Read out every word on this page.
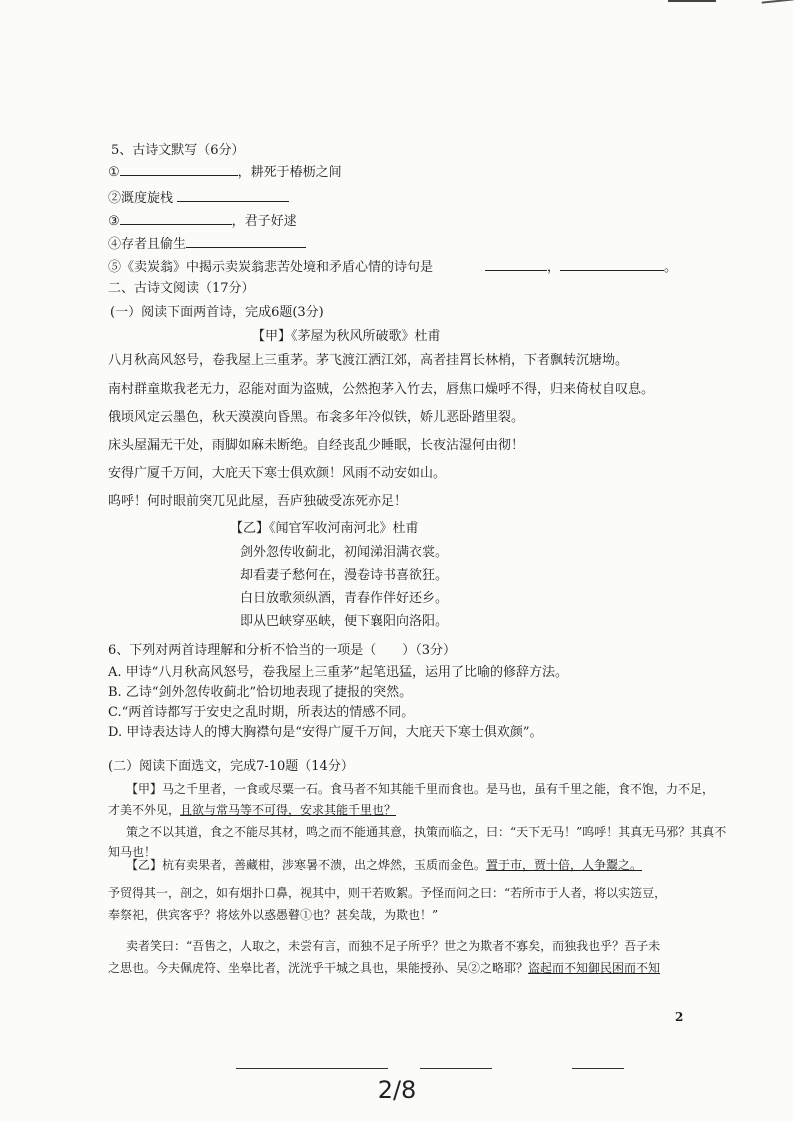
5、古诗文默写（6分）
①	，耕死于椿枥之间
②溉度旋栈
③	，君子好逑
④存者且偷生
⑤《卖炭翁》中揭示卖炭翁悲苦处境和矛盾心情的诗句是	，	。
二、古诗文阅读（17分）
(一）阅读下面两首诗，完成6题(3分)
【甲】《茅屋为秋风所破歌》杜甫
八月秋高风怒号，卷我屋上三重茅。茅飞渡江洒江郊，高者挂罥长林梢，下者飘转沉塘坳。
南村群童欺我老无力，忍能对面为盗贼，公然抱茅入竹去，唇焦口燥呼不得，归来倚杖自叹息。
俄顷风定云墨色，秋天漠漠向昏黑。布衾多年冷似铁，娇儿恶卧踏里裂。
床头屋漏无干处，雨脚如麻未断绝。自经丧乱少睡眠，长夜沾湿何由彻！
安得广厦千万间，大庇天下寒士俱欢颜！风雨不动安如山。
呜呼！何时眼前突兀见此屋，吾庐独破受冻死亦足！
【乙】《闻官军收河南河北》杜甫
剑外忽传收蓟北，初闻涕泪满衣裳。
却看妻子愁何在，漫卷诗书喜欲狂。
白日放歌须纵酒，青春作伴好还乡。
即从巴峡穿巫峡，便下襄阳向洛阳。
6、下列对两首诗理解和分析不恰当的一项是（　　）（3分）
A. 甲诗“八月秋高风怒号，卷我屋上三重茅”起笔迅猛，运用了比喻的修辞方法。
B. 乙诗“剑外忽传收蓟北”恰切地表现了捷报的突然。
C.“两首诗都写于安史之乱时期，所表达的情感不同。
D. 甲诗表达诗人的博大胸襟句是“安得广厦千万间，大庇天下寒士俱欢颜”。
(二）阅读下面选文，完成7-10题（14分）
【甲】马之千里者，一食或尽粟一石。食马者不知其能千里而食也。是马也，虽有千里之能，食不饱，力不足，
才美不外见，且欲与常马等不可得，安求其能千里也？
策之不以其道，食之不能尽其材，鸣之而不能通其意，执策而临之，曰：“天下无马！”呜呼！其真无马邪？其真不
知马也！
【乙】杭有卖果者，善藏柑，涉寒暑不溃，出之烨然，玉质而金色。置于市，贾十倍，人争鬻之。
予贸得其一，剖之，如有烟扑口鼻，视其中，则干若败絮。予怪而问之曰：“若所市于人者，将以实笾豆，
奉祭祀，供宾客乎？将炫外以惑愚瞽①也？甚矣哉，为欺也！”
卖者笑曰：“吾售之，人取之，未尝有言，而独不足子所乎？世之为欺者不寡矣，而独我也乎？吾子未
之思也。今夫佩虎符、坐皋比者，洸洸乎干城之具也，果能授孙、吴②之略耶？盗起而不知御民困而不知
2
2/8
